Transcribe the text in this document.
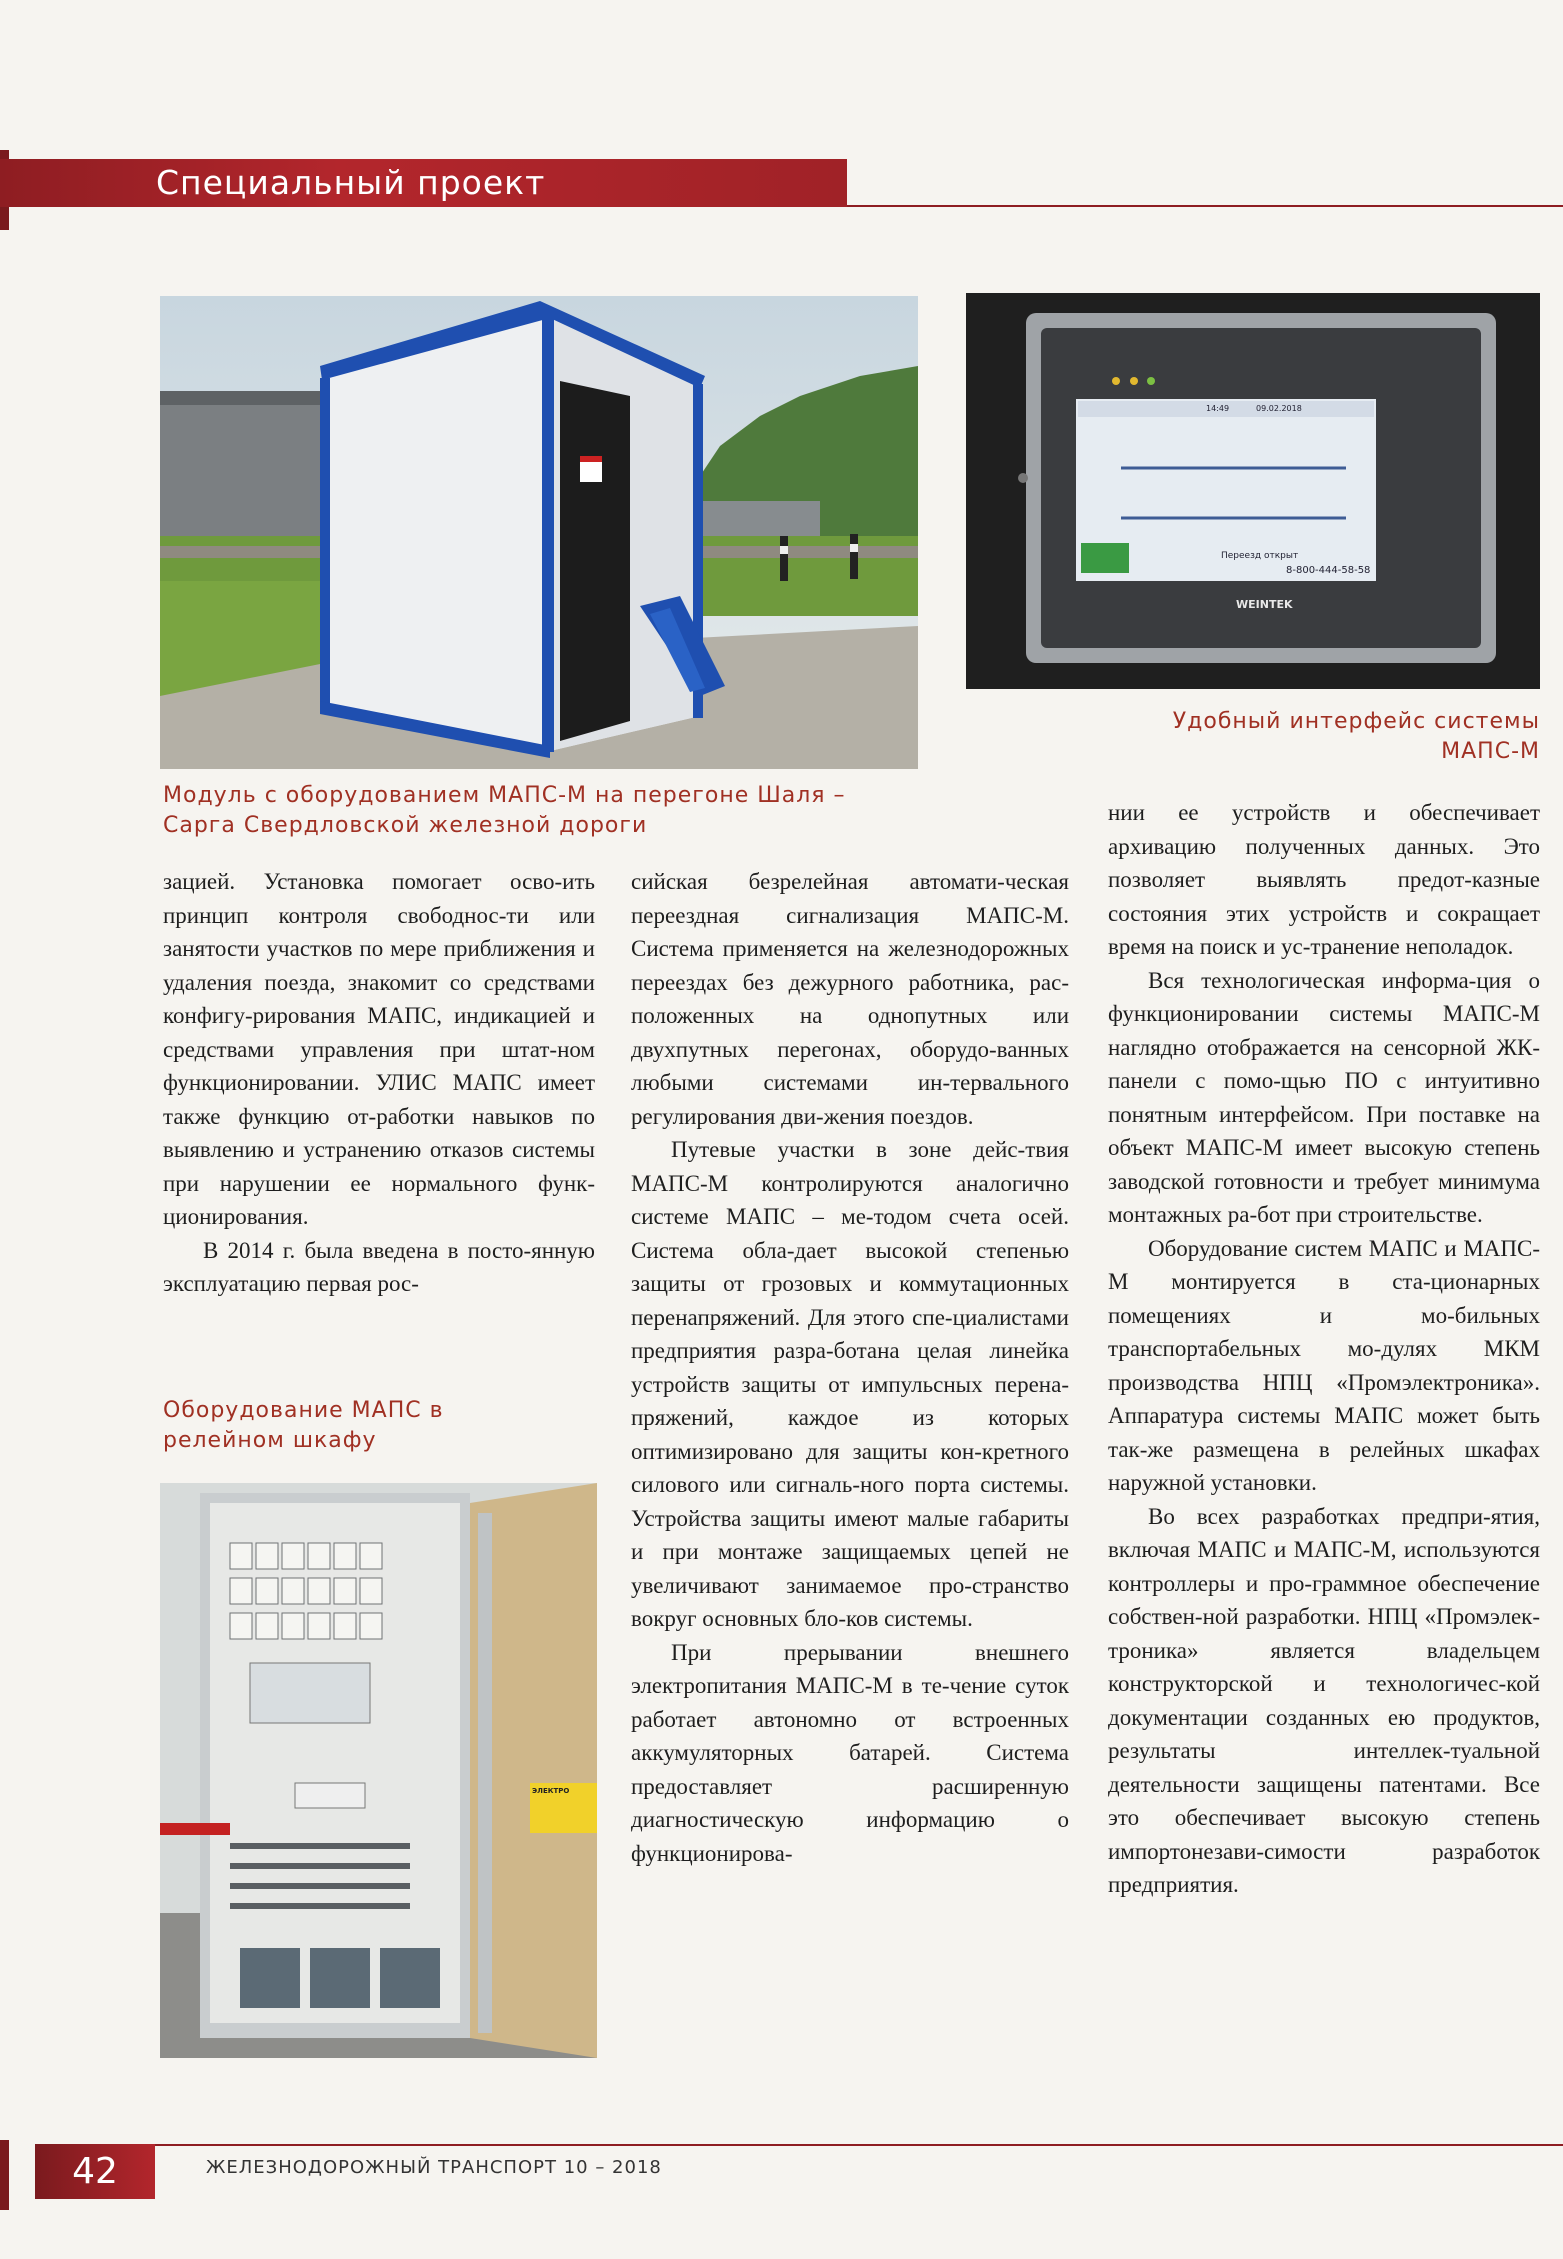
Специальный проект
Модуль с оборудованием МАПС-М на перегоне Шаля – Сарга Свердловской железной дороги
14:49	09.02.2018
Переезд открыт
8-800-444-58-58
WEINTEK
Удобный интерфейс системы МАПС-М
Оборудование МАПС в релейном шкафу
ЭЛЕКТРО

зацией. Установка помогает осво-ить принцип контроля свободнос-ти или занятости участков по мере приближения и удаления поезда, знакомит со средствами конфигу-рирования МАПС, индикацией и средствами управления при штат-ном функционировании. УЛИС МАПС имеет также функцию от-работки навыков по выявлению и устранению отказов системы при нарушении ее нормального функ-ционирования.

В 2014 г. была введена в посто-янную эксплуатацию первая рос-

сийская безрелейная автомати-ческая переездная сигнализация МАПС-М. Система применяется на железнодорожных переездах без дежурного работника, рас-положенных на однопутных или двухпутных перегонах, оборудо-ванных любыми системами ин-тервального регулирования дви-жения поездов.

Путевые участки в зоне дейс-твия МАПС-М контролируются аналогично системе МАПС – ме-тодом счета осей. Система обла-дает высокой степенью защиты от грозовых и коммутационных перенапряжений. Для этого спе-циалистами предприятия разра-ботана целая линейка устройств защиты от импульсных перена-пряжений, каждое из которых оптимизировано для защиты кон-кретного силового или сигналь-ного порта системы. Устройства защиты имеют малые габариты и при монтаже защищаемых цепей не увеличивают занимаемое про-странство вокруг основных бло-ков системы.

При прерывании внешнего электропитания МАПС-М в те-чение суток работает автономно от встроенных аккумуляторных батарей. Система предоставляет расширенную диагностическую информацию о функционирова-

нии ее устройств и обеспечивает архивацию полученных данных. Это позволяет выявлять предот-казные состояния этих устройств и сокращает время на поиск и ус-транение неполадок.

Вся технологическая информа-ция о функционировании системы МАПС-М наглядно отображается на сенсорной ЖК-панели с помо-щью ПО с интуитивно понятным интерфейсом. При поставке на объект МАПС-М имеет высокую степень заводской готовности и требует минимума монтажных ра-бот при строительстве.

Оборудование систем МАПС и МАПС-М монтируется в ста-ционарных помещениях и мо-бильных транспортабельных мо-дулях МКМ производства НПЦ «Промэлектроника». Аппаратура системы МАПС может быть так-же размещена в релейных шкафах наружной установки.

Во всех разработках предпри-ятия, включая МАПС и МАПС-М, используются контроллеры и про-граммное обеспечение собствен-ной разработки. НПЦ «Промэлек-троника» является владельцем конструкторской и технологичес-кой документации созданных ею продуктов, результаты интеллек-туальной деятельности защищены патентами. Все это обеспечивает высокую степень импортонезави-симости разработок предприятия.

42	ЖЕЛЕЗНОДОРОЖНЫЙ ТРАНСПОРТ 10 – 2018
